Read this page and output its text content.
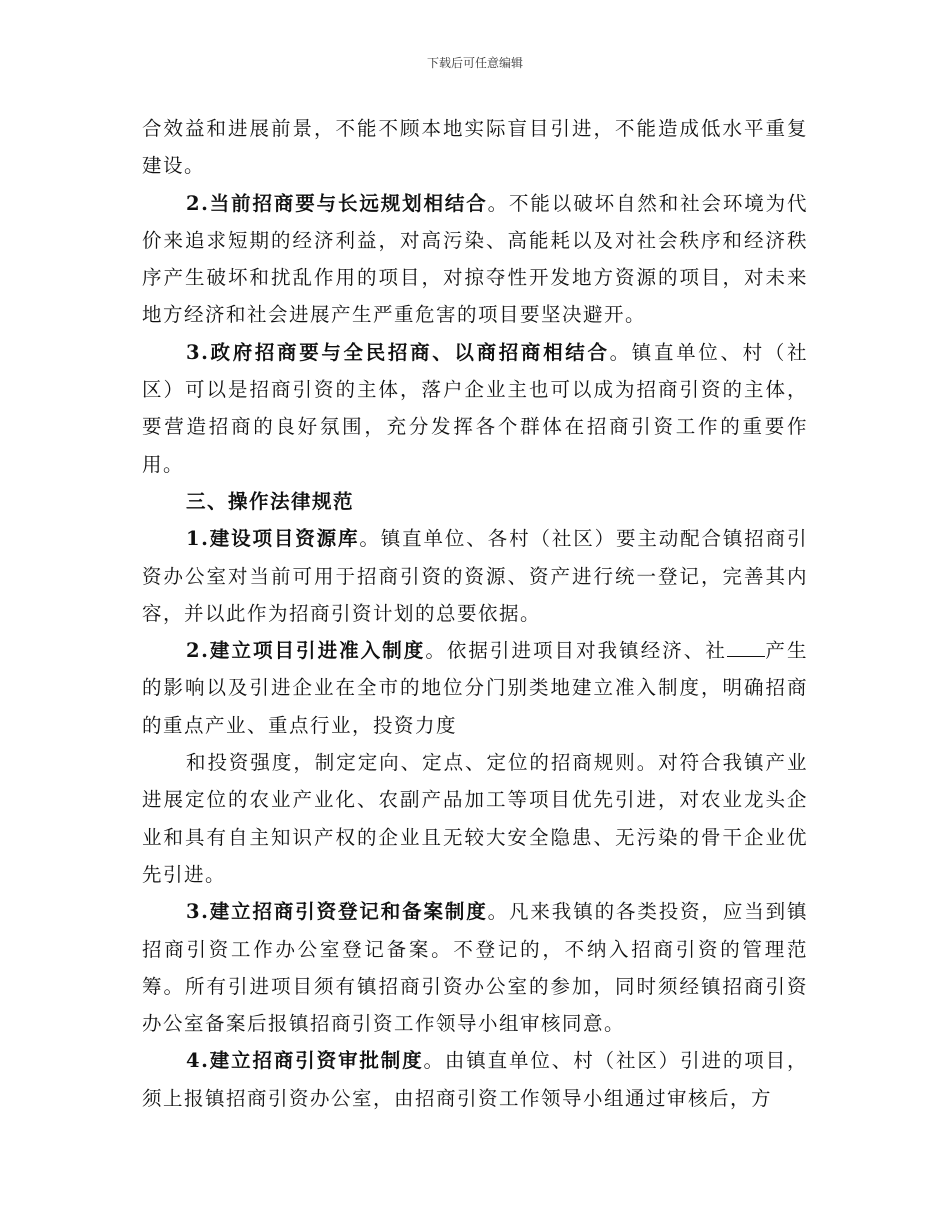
下载后可任意编辑

合效益和进展前景，不能不顾本地实际盲目引进，不能造成低水平重复建设。

2.当前招商要与长远规划相结合。不能以破坏自然和社会环境为代价来追求短期的经济利益，对高污染、高能耗以及对社会秩序和经济秩序产生破坏和扰乱作用的项目，对掠夺性开发地方资源的项目，对未来地方经济和社会进展产生严重危害的项目要坚决避开。

3.政府招商要与全民招商、以商招商相结合。镇直单位、村（社区）可以是招商引资的主体，落户企业主也可以成为招商引资的主体，要营造招商的良好氛围，充分发挥各个群体在招商引资工作的重要作用。

三、操作法律规范

1.建设项目资源库。镇直单位、各村（社区）要主动配合镇招商引资办公室对当前可用于招商引资的资源、资产进行统一登记，完善其内容，并以此作为招商引资计划的总要依据。

2.建立项目引进准入制度。依据引进项目对我镇经济、社 产生的影响以及引进企业在全市的地位分门别类地建立准入制度，明确招商的重点产业、重点行业，投资力度

和投资强度，制定定向、定点、定位的招商规则。对符合我镇产业进展定位的农业产业化、农副产品加工等项目优先引进，对农业龙头企业和具有自主知识产权的企业且无较大安全隐患、无污染的骨干企业优先引进。

3.建立招商引资登记和备案制度。凡来我镇的各类投资，应当到镇招商引资工作办公室登记备案。不登记的，不纳入招商引资的管理范筹。所有引进项目须有镇招商引资办公室的参加，同时须经镇招商引资办公室备案后报镇招商引资工作领导小组审核同意。

4.建立招商引资审批制度。由镇直单位、村（社区）引进的项目，须上报镇招商引资办公室，由招商引资工作领导小组通过审核后，方
